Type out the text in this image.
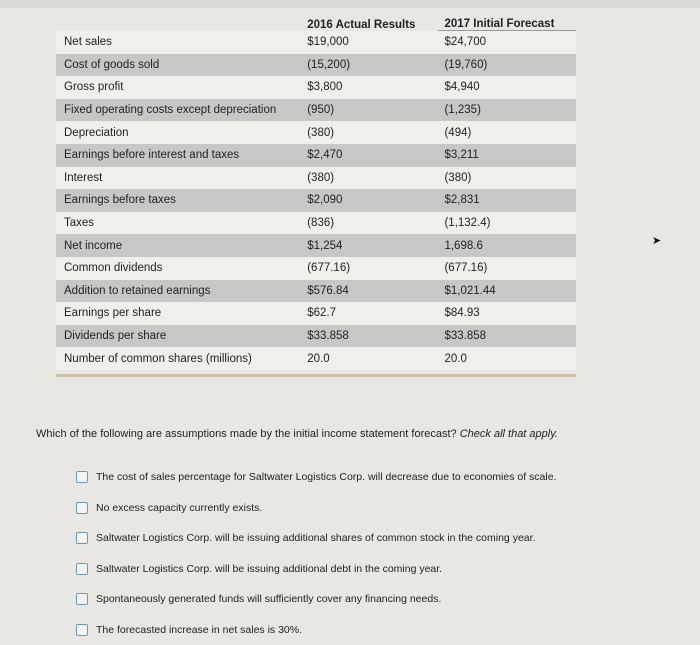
	2016 Actual Results	2017 Initial Forecast
Net sales	$19,000	$24,700
Cost of goods sold	(15,200)	(19,760)
Gross profit	$3,800	$4,940
Fixed operating costs except depreciation	(950)	(1,235)
Depreciation	(380)	(494)
Earnings before interest and taxes	$2,470	$3,211
Interest	(380)	(380)
Earnings before taxes	$2,090	$2,831
Taxes	(836)	(1,132.4)
Net income	$1,254	1,698.6
Common dividends	(677.16)	(677.16)
Addition to retained earnings	$576.84	$1,021.44
Earnings per share	$62.7	$84.93
Dividends per share	$33.858	$33.858
Number of common shares (millions)	20.0	20.0
Which of the following are assumptions made by the initial income statement forecast? Check all that apply.
The cost of sales percentage for Saltwater Logistics Corp. will decrease due to economies of scale.
No excess capacity currently exists.
Saltwater Logistics Corp. will be issuing additional shares of common stock in the coming year.
Saltwater Logistics Corp. will be issuing additional debt in the coming year.
Spontaneously generated funds will sufficiently cover any financing needs.
The forecasted increase in net sales is 30%.
➤
